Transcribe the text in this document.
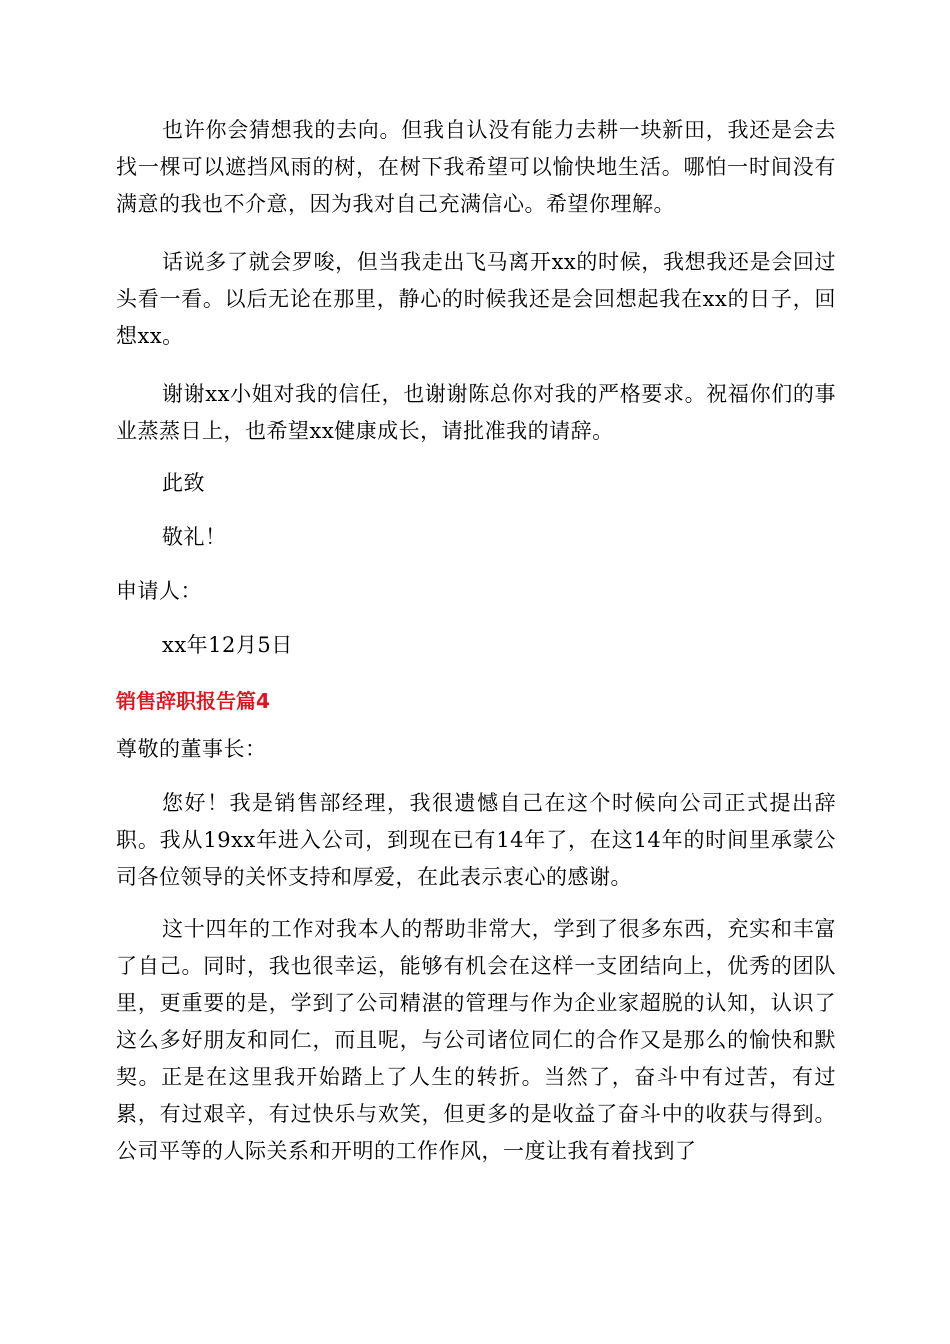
也许你会猜想我的去向。但我自认没有能力去耕一块新田，我还是会去找一棵可以遮挡风雨的树，在树下我希望可以愉快地生活。哪怕一时间没有满意的我也不介意，因为我对自己充满信心。希望你理解。

话说多了就会罗唆，但当我走出飞马离开xx的时候，我想我还是会回过头看一看。以后无论在那里，静心的时候我还是会回想起我在xx的日子，回想xx。

谢谢xx小姐对我的信任，也谢谢陈总你对我的严格要求。祝福你们的事业蒸蒸日上，也希望xx健康成长，请批准我的请辞。

此致

敬礼！

申请人：

xx年12月5日

销售辞职报告篇4

尊敬的董事长：

您好！我是销售部经理，我很遗憾自己在这个时候向公司正式提出辞职。我从19xx年进入公司，到现在已有14年了，在这14年的时间里承蒙公司各位领导的关怀支持和厚爱，在此表示衷心的感谢。

这十四年的工作对我本人的帮助非常大，学到了很多东西，充实和丰富了自己。同时，我也很幸运，能够有机会在这样一支团结向上，优秀的团队里，更重要的是，学到了公司精湛的管理与作为企业家超脱的认知，认识了这么多好朋友和同仁，而且呢，与公司诸位同仁的合作又是那么的愉快和默契。正是在这里我开始踏上了人生的转折。当然了，奋斗中有过苦，有过累，有过艰辛，有过快乐与欢笑，但更多的是收益了奋斗中的收获与得到。公司平等的人际关系和开明的工作作风，一度让我有着找到了
